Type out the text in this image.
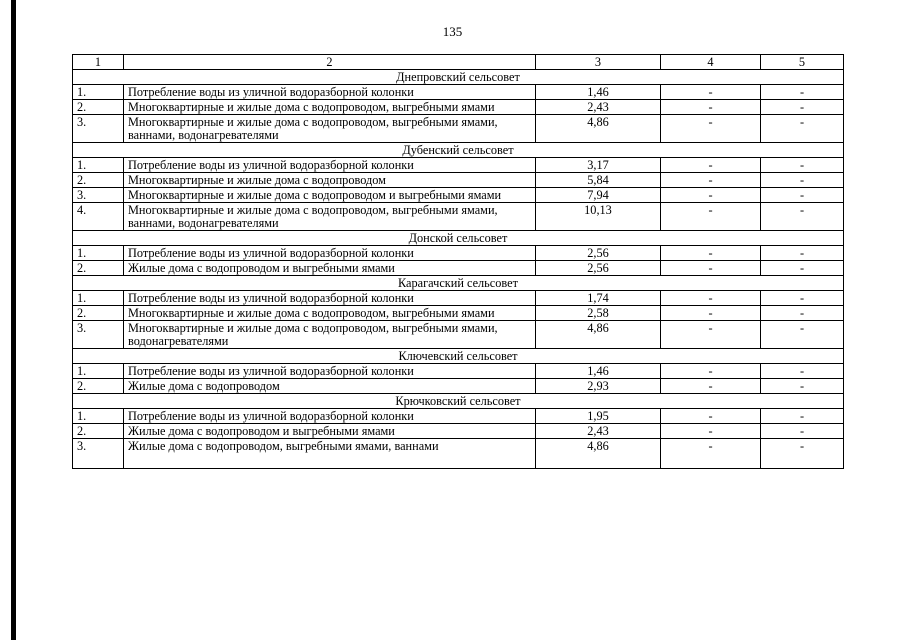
135
1	2	3	4	5
Днепровский сельсовет				
1.	Потребление воды из уличной водоразборной колонки	1,46	-	-
2.	Многоквартирные и жилые дома с водопроводом, выгребными ямами	2,43	-	-
3.	Многоквартирные и жилые дома с водопроводом, выгребными ямами, ваннами, водонагревателями	4,86	-	-
Дубенский сельсовет				
1.	Потребление воды из уличной водоразборной колонки	3,17	-	-
2.	Многоквартирные и жилые дома с водопроводом	5,84	-	-
3.	Многоквартирные и жилые дома с водопроводом и выгребными ямами	7,94	-	-
4.	Многоквартирные и жилые дома с водопроводом, выгребными ямами, ваннами, водонагревателями	10,13	-	-
Донской сельсовет				
1.	Потребление воды из уличной водоразборной колонки	2,56	-	-
2.	Жилые дома с водопроводом и выгребными ямами	2,56	-	-
Карагачский сельсовет				
1.	Потребление воды из уличной водоразборной колонки	1,74	-	-
2.	Многоквартирные и жилые дома с водопроводом, выгребными ямами	2,58	-	-
3.	Многоквартирные и жилые дома с водопроводом, выгребными ямами, водонагревателями	4,86	-	-
Ключевский сельсовет				
1.	Потребление воды из уличной водоразборной колонки	1,46	-	-
2.	Жилые дома с водопроводом	2,93	-	-
Крючковский сельсовет				
1.	Потребление воды из уличной водоразборной колонки	1,95	-	-
2.	Жилые дома с водопроводом и выгребными ямами	2,43	-	-
3.	Жилые дома с водопроводом, выгребными ямами, ваннами	4,86	-	-
